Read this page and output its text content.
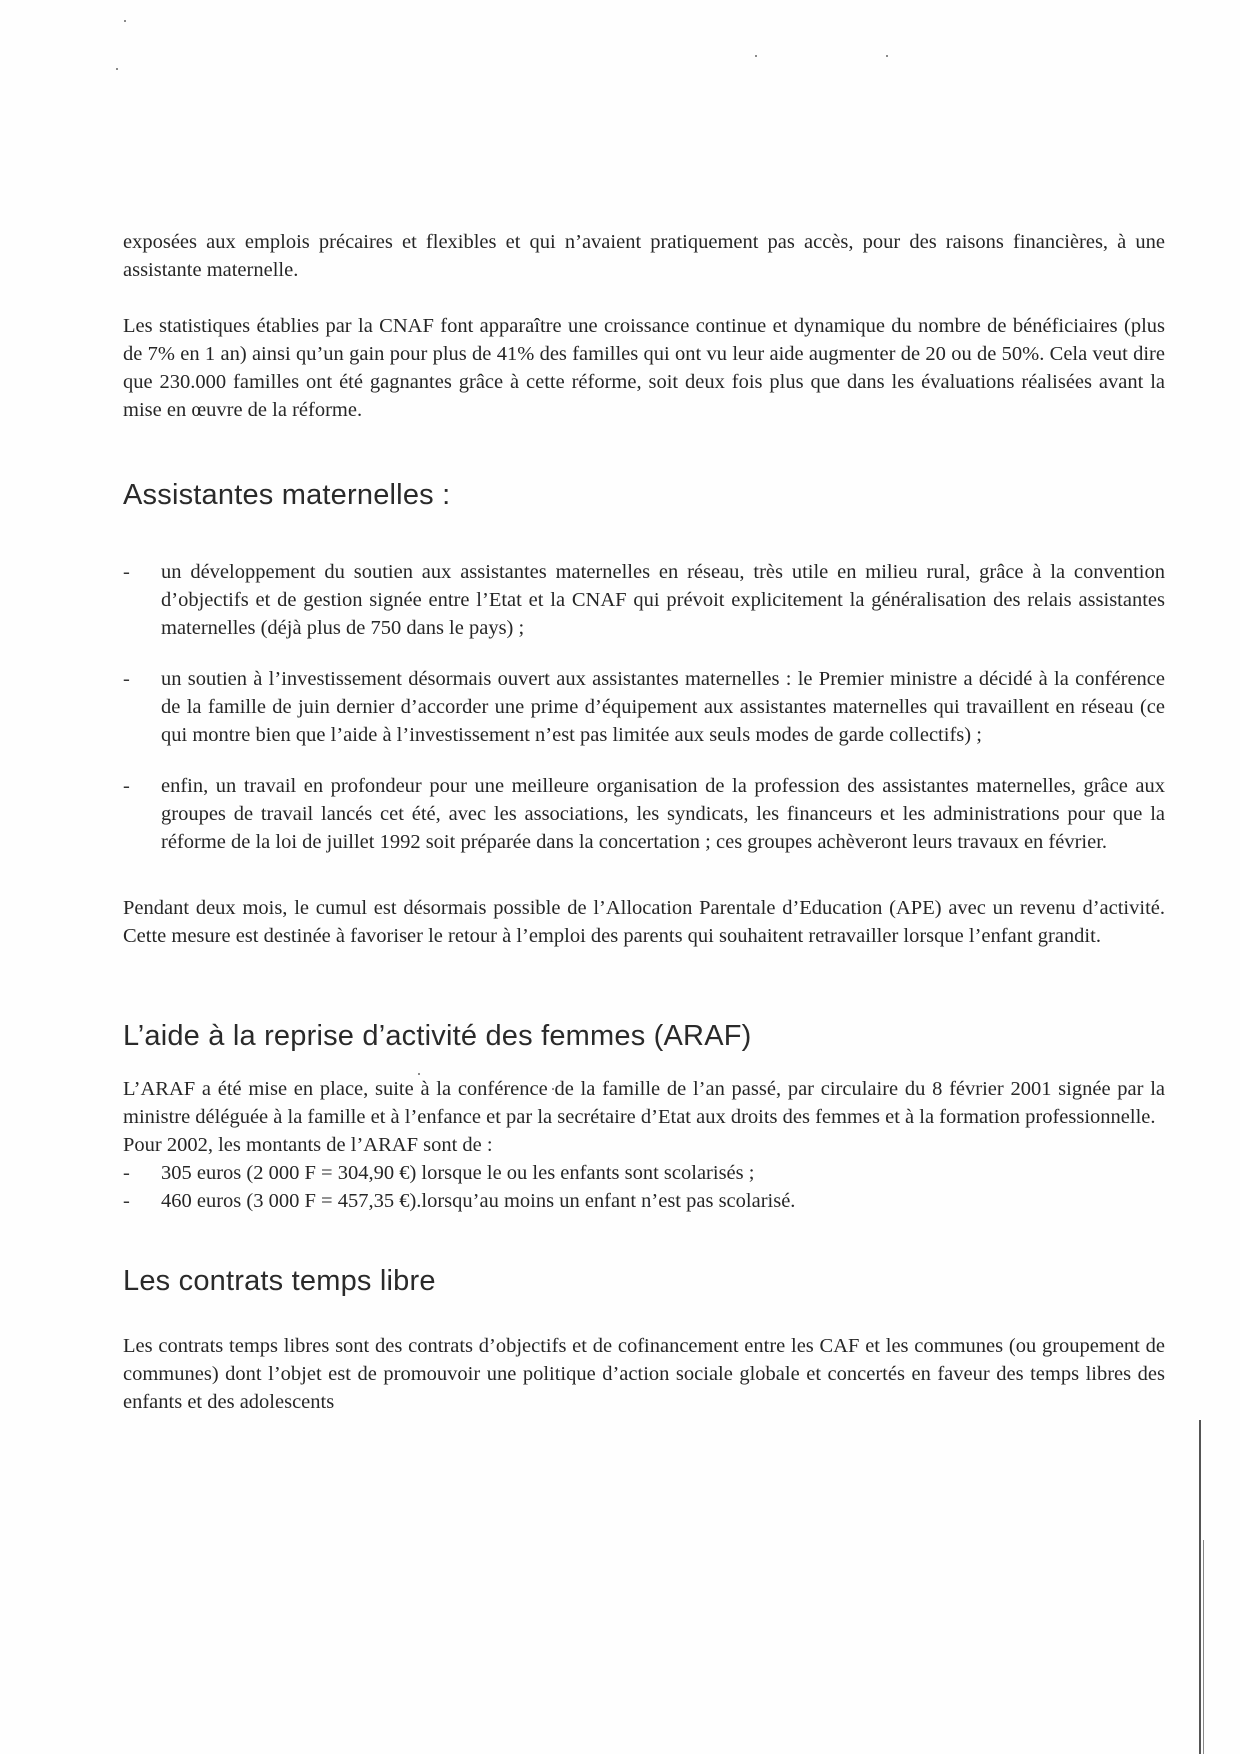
exposées aux emplois précaires et flexibles et qui n’avaient pratiquement pas accès, pour des raisons financières, à une assistante maternelle.

Les statistiques établies par la CNAF font apparaître une croissance continue et dynamique du nombre de bénéficiaires (plus de 7% en 1 an) ainsi qu’un gain pour plus de 41% des familles qui ont vu leur aide augmenter de 20 ou de 50%. Cela veut dire que 230.000 familles ont été gagnantes grâce à cette réforme, soit deux fois plus que dans les évaluations réalisées avant la mise en œuvre de la réforme.

Assistantes maternelles :
- un développement du soutien aux assistantes maternelles en réseau, très utile en milieu rural, grâce à la convention d’objectifs et de gestion signée entre l’Etat et la CNAF qui prévoit explicitement la généralisation des relais assistantes maternelles (déjà plus de 750 dans le pays) ;

- un soutien à l’investissement désormais ouvert aux assistantes maternelles : le Premier ministre a décidé à la conférence de la famille de juin dernier d’accorder une prime d’équipement aux assistantes maternelles qui travaillent en réseau (ce qui montre bien que l’aide à l’investissement n’est pas limitée aux seuls modes de garde collectifs) ;

- enfin, un travail en profondeur pour une meilleure organisation de la profession des assistantes maternelles, grâce aux groupes de travail lancés cet été, avec les associations, les syndicats, les financeurs et les administrations pour que la réforme de la loi de juillet 1992 soit préparée dans la concertation ; ces groupes achèveront leurs travaux en février.

Pendant deux mois, le cumul est désormais possible de l’Allocation Parentale d’Education (APE) avec un revenu d’activité. Cette mesure est destinée à favoriser le retour à l’emploi des parents qui souhaitent retravailler lorsque l’enfant grandit.

L’aide à la reprise d’activité des femmes (ARAF)

L’ARAF a été mise en place, suite à la conférence de la famille de l’an passé, par circulaire du 8 février 2001 signée par la ministre déléguée à la famille et à l’enfance et par la secrétaire d’Etat aux droits des femmes et à la formation professionnelle.

Pour 2002, les montants de l’ARAF sont de :

- 305 euros (2 000 F = 304,90 €) lorsque le ou les enfants sont scolarisés ;

- 460 euros (3 000 F = 457,35 €).lorsqu’au moins un enfant n’est pas scolarisé.

Les contrats temps libre

Les contrats temps libres sont des contrats d’objectifs et de cofinancement entre les CAF et les communes (ou groupement de communes) dont l’objet est de promouvoir une politique d’action sociale globale et concertés en faveur des temps libres des enfants et des adolescents
